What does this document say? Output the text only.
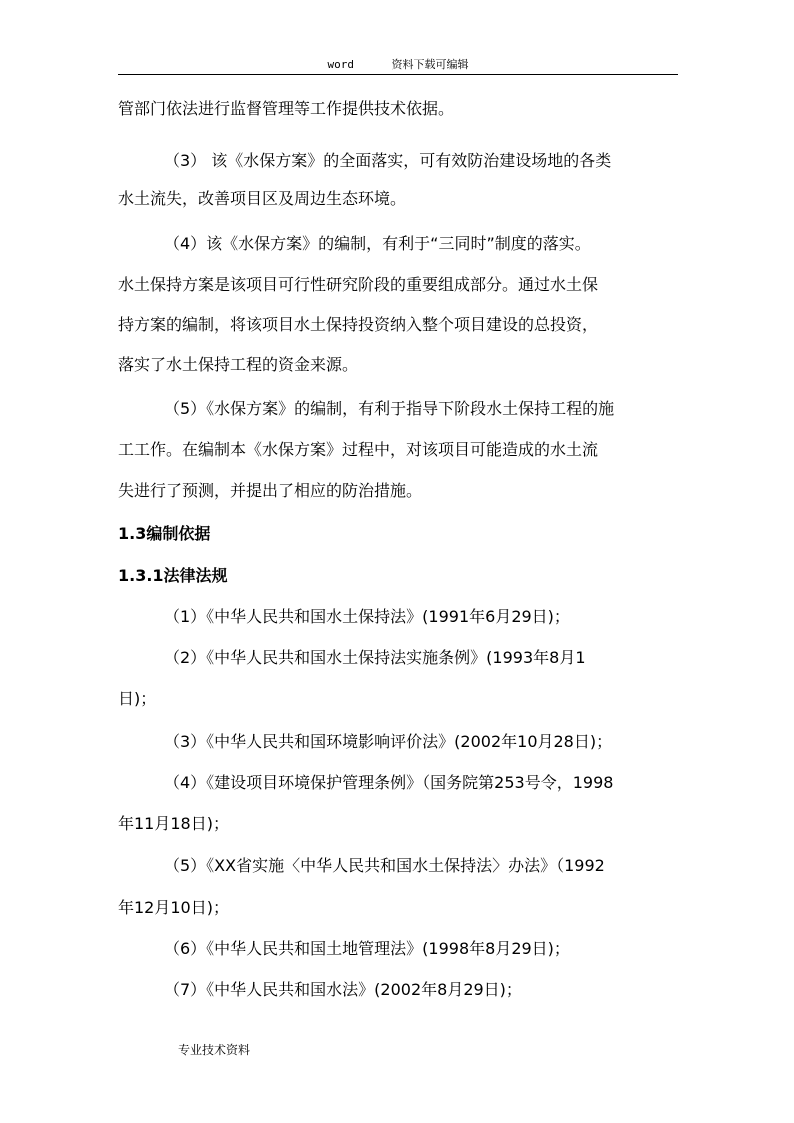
word	资料下载可编辑
管部门依法进行监督管理等工作提供技术依据。
（3） 该《水保方案》的全面落实，可有效防治建设场地的各类
水土流失，改善项目区及周边生态环境。
（4）该《水保方案》的编制，有利于“三同时”制度的落实。
水土保持方案是该项目可行性研究阶段的重要组成部分。通过水土保
持方案的编制，将该项目水土保持投资纳入整个项目建设的总投资，
落实了水土保持工程的资金来源。
（5）《水保方案》的编制，有利于指导下阶段水土保持工程的施
工工作。在编制本《水保方案》过程中，对该项目可能造成的水土流
失进行了预测，并提出了相应的防治措施。
1.3编制依据
1.3.1法律法规
（1）《中华人民共和国水土保持法》(1991年6月29日)；
（2）《中华人民共和国水土保持法实施条例》(1993年8月1
日)；
（3）《中华人民共和国环境影响评价法》(2002年10月28日)；
（4）《建设项目环境保护管理条例》（国务院第253号令，1998
年11月18日)；
（5）《XX省实施〈中华人民共和国水土保持法〉办法》（1992
年12月10日)；
（6）《中华人民共和国土地管理法》(1998年8月29日)；
（7）《中华人民共和国水法》(2002年8月29日)；
专业技术资料
